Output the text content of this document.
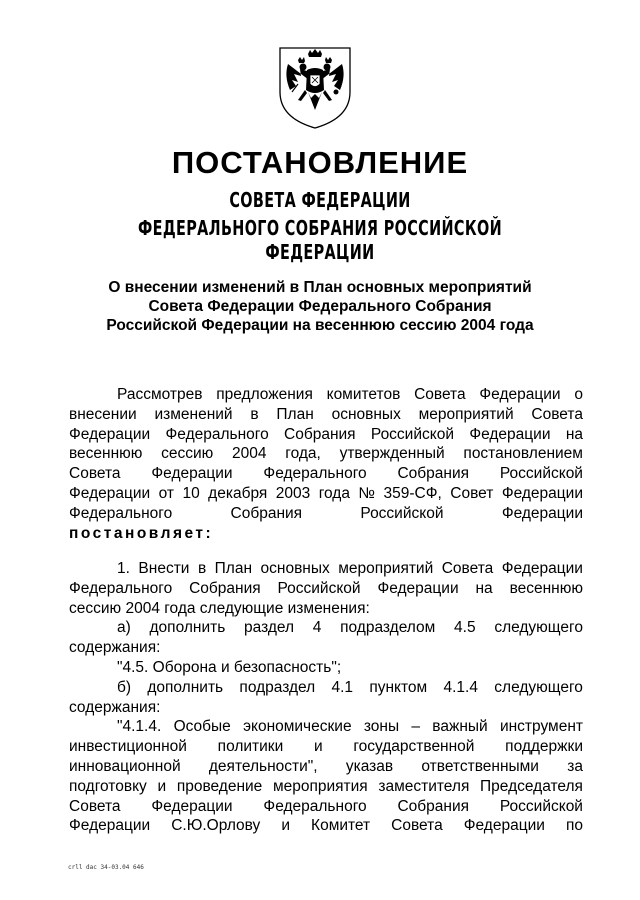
ПОСТАНОВЛЕНИЕ
СОВЕТА ФЕДЕРАЦИИ
ФЕДЕРАЛЬНОГО СОБРАНИЯ РОССИЙСКОЙ ФЕДЕРАЦИИ
О внесении изменений в План основных мероприятий
Совета Федерации Федерального Собрания
Российской Федерации на весеннюю сессию 2004 года
Рассмотрев предложения комитетов Совета Федерации о
внесении изменений в План основных мероприятий Совета
Федерации Федерального Собрания Российской Федерации на
весеннюю сессию 2004 года, утвержденный постановлением
Совета Федерации Федерального Собрания Российской
Федерации от 10 декабря 2003 года № 359-СФ, Совет Федерации
Федерального	Собрания	Российской	Федерации
постановляет:
1. Внести в План основных мероприятий Совета Федерации
Федерального Собрания Российской Федерации на весеннюю
сессию 2004 года следующие изменения:
а) дополнить раздел 4 подразделом 4.5 следующего
содержания:
"4.5. Оборона и безопасность";
б) дополнить подраздел 4.1 пунктом 4.1.4 следующего
содержания:
"4.1.4. Особые экономические зоны – важный инструмент
инвестиционной политики и государственной поддержки
инновационной деятельности", указав ответственными за
подготовку и проведение мероприятия заместителя Председателя
Совета Федерации Федерального Собрания Российской
Федерации С.Ю.Орлову и Комитет Совета Федерации по
crll dac 34-03.04 646
